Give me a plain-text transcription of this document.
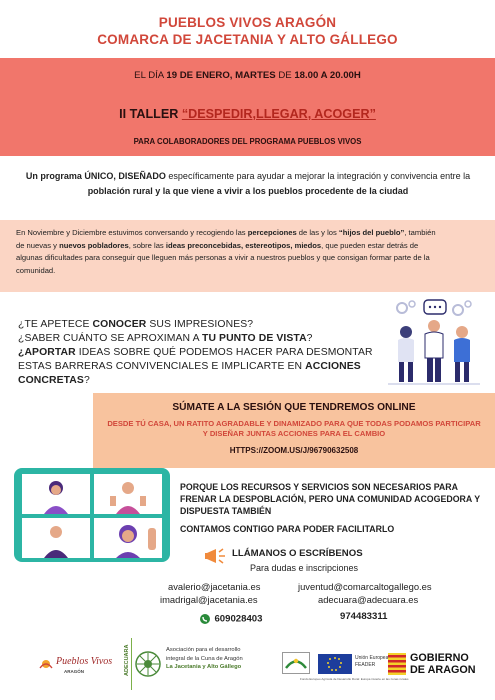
PUEBLOS VIVOS ARAGÓN
COMARCA DE JACETANIA Y ALTO GÁLLEGO
EL DÍA 19 DE ENERO, MARTES DE 18.00 A 20.00H
II TALLER “DESPEDIR,LLEGAR, ACOGER”
PARA COLABORADORES DEL PROGRAMA PUEBLOS VIVOS
Un programa ÚNICO, DISEÑADO específicamente para ayudar a mejorar la integración y convivencia entre la población rural y la que viene a vivir a los pueblos procedente de la ciudad
En Noviembre y Diciembre estuvimos conversando y recogiendo las percepciones de las y los “hijos del pueblo”, también de nuevas y nuevos pobladores, sobre las ideas preconcebidas, estereotipos, miedos, que pueden estar detrás de algunas dificultades para conseguir que lleguen más personas a vivir a nuestros pueblos y que consigan formar parte de la comunidad.
¿TE APETECE CONOCER SUS IMPRESIONES?
¿SABER CUÁNTO SE APROXIMAN A TU PUNTO DE VISTA?
¿APORTAR IDEAS SOBRE QUÉ PODEMOS HACER PARA DESMONTAR ESTAS BARRERAS CONVIVENCIALES E IMPLICARTE EN ACCIONES CONCRETAS?
SÚMATE A LA SESIÓN QUE TENDREMOS ONLINE
DESDE TÚ CASA, UN RATITO AGRADABLE Y DINAMIZADO PARA QUE TODAS PODAMOS PARTICIPAR Y DISEÑAR JUNTAS ACCIONES PARA EL CAMBIO
HTTPS://ZOOM.US/J/96790632508
PORQUE LOS RECURSOS Y SERVICIOS SON NECESARIOS PARA FRENAR LA DESPOBLACIÓN, PERO UNA COMUNIDAD ACOGEDORA Y DISPUESTA TAMBIÉN
CONTAMOS CONTIGO PARA PODER FACILITARLO
LLÁMANOS O ESCRÍBENOS
Para dudas e inscripciones
avalerio@jacetania.es
imadrigal@jacetania.es
609028403
juventud@comarcaltogallego.es
adecuara@adecuara.es
974483311
Pueblos Vivos
ARAGÓN	ADECUARA	Asociación para el desarrollo
integral de la Cuna de Aragón
La Jacetania y Alto Gállego
Unión Europea
FEADER
Fondo Europeo Agrícola de Desarrollo Rural: Europa invierte en las zonas rurales
GOBIERNO
DE ARAGON
